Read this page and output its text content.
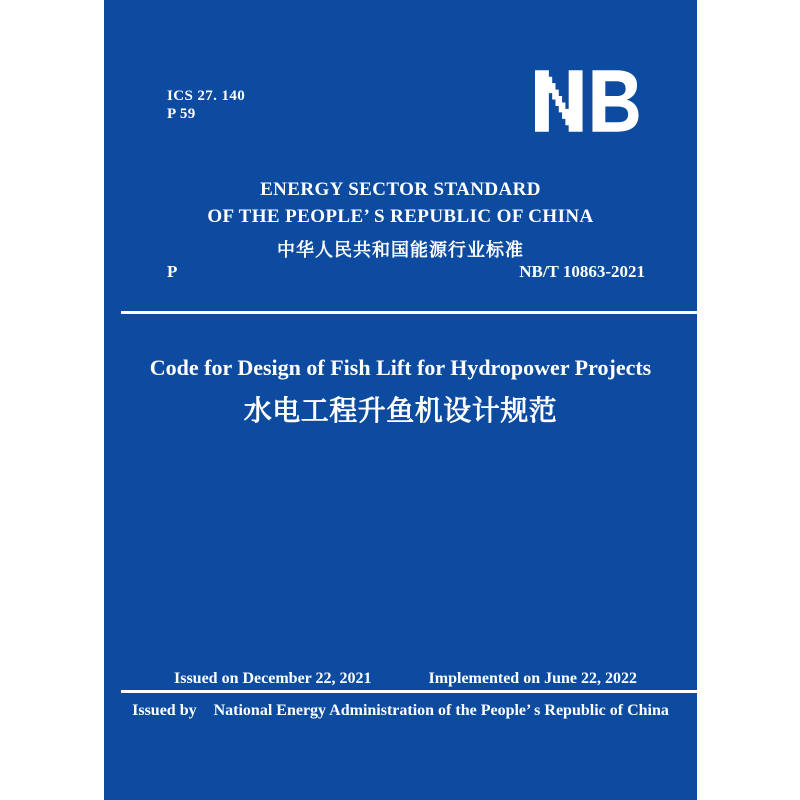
ICS 27. 140
P 59
ENERGY SECTOR STANDARD
OF THE PEOPLE’ S REPUBLIC OF CHINA
中华人民共和国能源行业标准
P	NB/T 10863-2021
Code for Design of Fish Lift for Hydropower Projects
水电工程升鱼机设计规范
Issued on December 22, 2021	Implemented on June 22, 2022
Issued by National Energy Administration of the People’ s Republic of China
